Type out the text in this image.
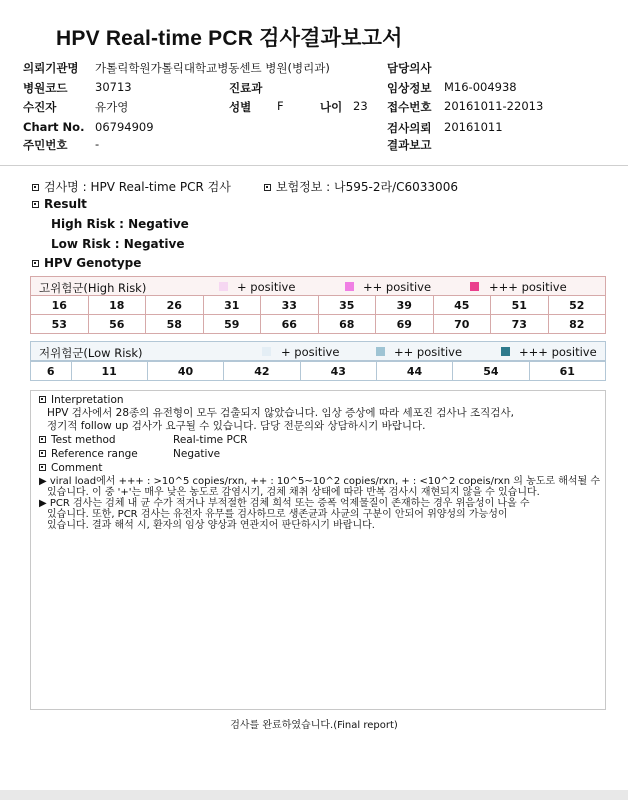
HPV Real-time PCR 검사결과보고서
의뢰기관명 가톨릭학원가톨릭대학교병동센트 병원(병리과)	담당의사
병원코드 30713	진료과	임상정보 M16-004938
수진자	유가영	성별 F	나이 23 접수번호 20161011-22013
Chart No. 06794909	검사의뢰 20161011
주민번호 -	결과보고
검사명 : HPV Real-time PCR 검사	보험정보 : 나595-2라/C6033006
Result
High Risk : Negative
Low Risk : Negative
HPV Genotype
고위험군(High Risk)	+ positive	++ positive	+++ positive
16	18	26	31	33	35	39	45	51	52
53	56	58	59	66	68	69	70	73	82
저위험군(Low Risk)	+ positive	++ positive	+++ positive
6	11	40	42	43	44	54	61
Interpretation
HPV 검사에서 28종의 유전형이 모두 검출되지 않았습니다. 임상 증상에 따라 세포진 검사나 조직검사,
정기적 follow up 검사가 요구될 수 있습니다. 담당 전문의와 상담하시기 바랍니다.
Test method	Real-time PCR
Reference range	Negative
Comment
▶ viral load에서 +++ : >10^5 copies/rxn, ++ : 10^5~10^2 copies/rxn, + : <10^2 copeis/rxn 의 농도로 해석될 수
있습니다. 이 중 '+'는 매우 낮은 농도로 감염시기, 검체 채취 상태에 따라 반복 검사시 재현되지 않을 수 있습니다.
▶ PCR 검사는 검체 내 균 수가 적거나 부적절한 검체 희석 또는 증폭 억제물질이 존재하는 경우 위음성이 나올 수
있습니다. 또한, PCR 검사는 유전자 유무를 검사하므로 생존균과 사균의 구분이 안되어 위양성의 가능성이
있습니다. 결과 해석 시, 환자의 임상 양상과 연관지어 판단하시기 바랍니다.
검사를 완료하였습니다.(Final report)
